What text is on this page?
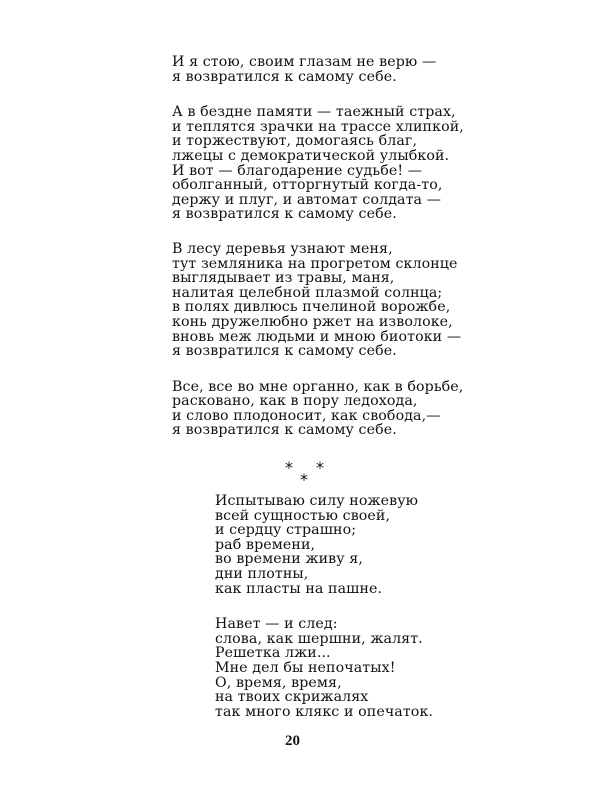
И я стою, своим глазам не верю —
я возвратился к самому себе.
А в бездне памяти — таежный страх,
и теплятся зрачки на трассе хлипкой,
и торжествуют, домогаясь благ,
лжецы с демократической улыбкой.
И вот — благодарение судьбе! —
оболганный, отторгнутый когда-то,
держу и плуг, и автомат солдата —
я возвратился к самому себе.
В лесу деревья узнают меня,
тут земляника на прогретом склонце
выглядывает из травы, маня,
налитая целебной плазмой солнца;
в полях дивлюсь пчелиной ворожбе,
конь дружелюбно ржет на изволоке,
вновь меж людьми и мною биотоки —
я возвратился к самому себе.
Все, все во мне органно, как в борьбе,
расковано, как в пору ледохода,
и слово плодоносит, как свобода,—
я возвратился к самому себе.
* *
*
Испытываю силу ножевую
всей сущностью своей,
и сердцу страшно;
раб времени,
во времени живу я,
дни плотны,
как пласты на пашне.
Навет — и след:
слова, как шершни, жалят.
Решетка лжи...
Мне дел бы непочатых!
О, время, время,
на твоих скрижалях
так много клякс и опечаток.
20
